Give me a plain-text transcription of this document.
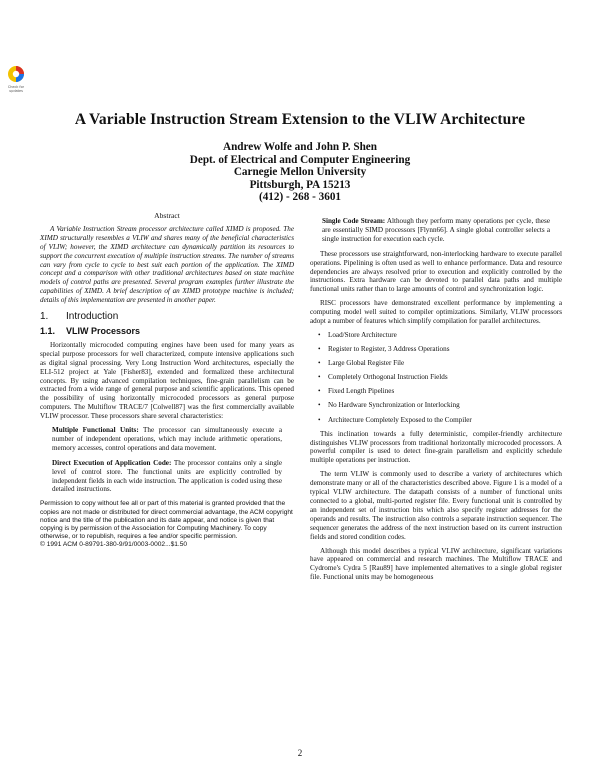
Check for
updates
A Variable Instruction Stream Extension to the VLIW Architecture
Andrew Wolfe and John P. Shen
Dept. of Electrical and Computer Engineering
Carnegie Mellon University
Pittsburgh, PA 15213
(412) - 268 - 3601
Abstract

A Variable Instruction Stream processor architecture called XIMD is proposed. The XIMD structurally resembles a VLIW and shares many of the beneficial characteristics of VLIW; however, the XIMD architecture can dynamically partition its resources to support the concurrent execution of multiple instruction streams. The number of streams can vary from cycle to cycle to best suit each portion of the application. The XIMD concept and a comparison with other traditional architectures based on state machine models of control paths are presented. Several program examples further illustrate the capabilities of XIMD. A brief description of an XIMD prototype machine is included; details of this implementation are presented in another paper.

1. Introduction
1.1. VLIW Processors

Horizontally microcoded computing engines have been used for many years as special purpose processors for well characterized, compute intensive applications such as digital signal processing. Very Long Instruction Word architectures, especially the ELI-512 project at Yale [Fisher83], extended and formalized these architectural concepts. By using advanced compilation techniques, fine-grain parallelism can be extracted from a wide range of general purpose and scientific applications. This opened the possibility of using horizontally microcoded processors as general purpose computers. The Multiflow TRACE/7 [Colwell87] was the first commercially available VLIW processor. These processors share several characteristics:

Multiple Functional Units: The processor can simultaneously execute a number of independent operations, which may include arithmetic operations, memory accesses, control operations and data movement.
Direct Execution of Application Code: The processor contains only a single level of control store. The functional units are explicitly controlled by independent fields in each wide instruction. The application is coded using these detailed instructions.
Permission to copy without fee all or part of this material is granted provided that the copies are not made or distributed for direct commercial advantage, the ACM copyright notice and the title of the publication and its date appear, and notice is given that copying is by permission of the Association for Computing Machinery. To copy otherwise, or to republish, requires a fee and/or specific permission.
© 1991 ACM 0-89791-380-9/91/0003-0002...$1.50
Single Code Stream: Although they perform many operations per cycle, these are essentially SIMD processors [Flynn66]. A single global controller selects a single instruction for execution each cycle.

These processors use straightforward, non-interlocking hardware to execute parallel operations. Pipelining is often used as well to enhance performance. Data and resource dependencies are always resolved prior to execution and explicitly controlled by the instructions. Extra hardware can be devoted to parallel data paths and multiple functional units rather than to large amounts of control and synchronization logic.

RISC processors have demonstrated excellent performance by implementing a computing model well suited to compiler optimizations. Similarly, VLIW processors adopt a number of features which simplify compilation for parallel architectures.

• Load/Store Architecture
• Register to Register, 3 Address Operations
• Large Global Register File
• Completely Orthogonal Instruction Fields
• Fixed Length Pipelines
• No Hardware Synchronization or Interlocking
• Architecture Completely Exposed to the Compiler

This inclination towards a fully deterministic, compiler-friendly architecture distinguishes VLIW processors from traditional horizontally microcoded processors. A powerful compiler is used to detect fine-grain parallelism and explicitly schedule multiple operations per instruction.

The term VLIW is commonly used to describe a variety of architectures which demonstrate many or all of the characteristics described above. Figure 1 is a model of a typical VLIW architecture. The datapath consists of a number of functional units connected to a global, multi-ported register file. Every functional unit is controlled by an independent set of instruction bits which also specify register addresses for the operands and results. The instruction also controls a separate instruction sequencer. The sequencer generates the address of the next instruction based on its current instruction fields and stored condition codes.

Although this model describes a typical VLIW architecture, significant variations have appeared on commercial and research machines. The Multiflow TRACE and Cydrome's Cydra 5 [Rau89] have implemented alternatives to a single global register file. Functional units may be homogeneous

2
